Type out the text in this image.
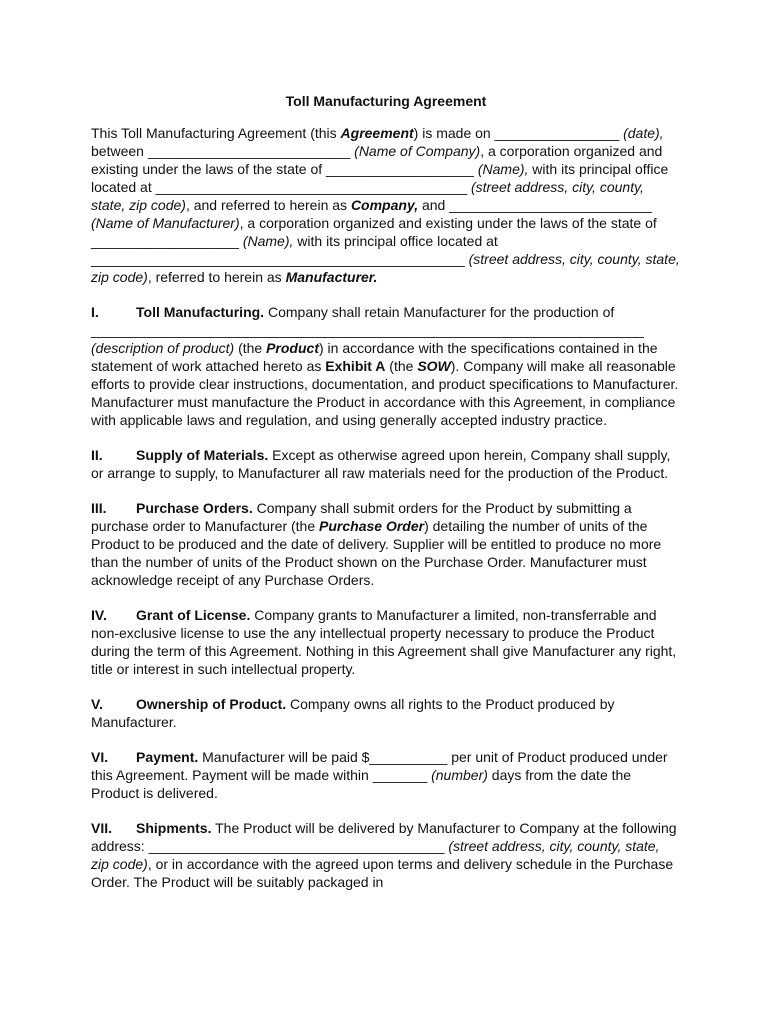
Toll Manufacturing Agreement

This Toll Manufacturing Agreement (this Agreement) is made on ________________ (date), between __________________________ (Name of Company), a corporation organized and existing under the laws of the state of ___________________ (Name), with its principal office located at ________________________________________ (street address, city, county, state, zip code), and referred to herein as Company, and __________________________ (Name of Manufacturer), a corporation organized and existing under the laws of the state of ___________________ (Name), with its principal office located at ________________________________________________ (street address, city, county, state, zip code), referred to herein as Manufacturer.

I.	Toll Manufacturing. Company shall retain Manufacturer for the production of _______________________________________________________________________ (description of product) (the Product) in accordance with the specifications contained in the statement of work attached hereto as Exhibit A (the SOW). Company will make all reasonable efforts to provide clear instructions, documentation, and product specifications to Manufacturer. Manufacturer must manufacture the Product in accordance with this Agreement, in compliance with applicable laws and regulation, and using generally accepted industry practice.

II. Supply of Materials. Except as otherwise agreed upon herein, Company shall supply, or arrange to supply, to Manufacturer all raw materials need for the production of the Product.

III. Purchase Orders. Company shall submit orders for the Product by submitting a purchase order to Manufacturer (the Purchase Order) detailing the number of units of the Product to be produced and the date of delivery. Supplier will be entitled to produce no more than the number of units of the Product shown on the Purchase Order. Manufacturer must acknowledge receipt of any Purchase Orders.

IV. Grant of License. Company grants to Manufacturer a limited, non-transferrable and non-exclusive license to use the any intellectual property necessary to produce the Product during the term of this Agreement. Nothing in this Agreement shall give Manufacturer any right, title or interest in such intellectual property.

V. Ownership of Product. Company owns all rights to the Product produced by Manufacturer.

VI. Payment. Manufacturer will be paid $__________ per unit of Product produced under this Agreement. Payment will be made within _______ (number) days from the date the Product is delivered.

VII. Shipments. The Product will be delivered by Manufacturer to Company at the following address: ______________________________________ (street address, city, county, state, zip code), or in accordance with the agreed upon terms and delivery schedule in the Purchase Order. The Product will be suitably packaged in
